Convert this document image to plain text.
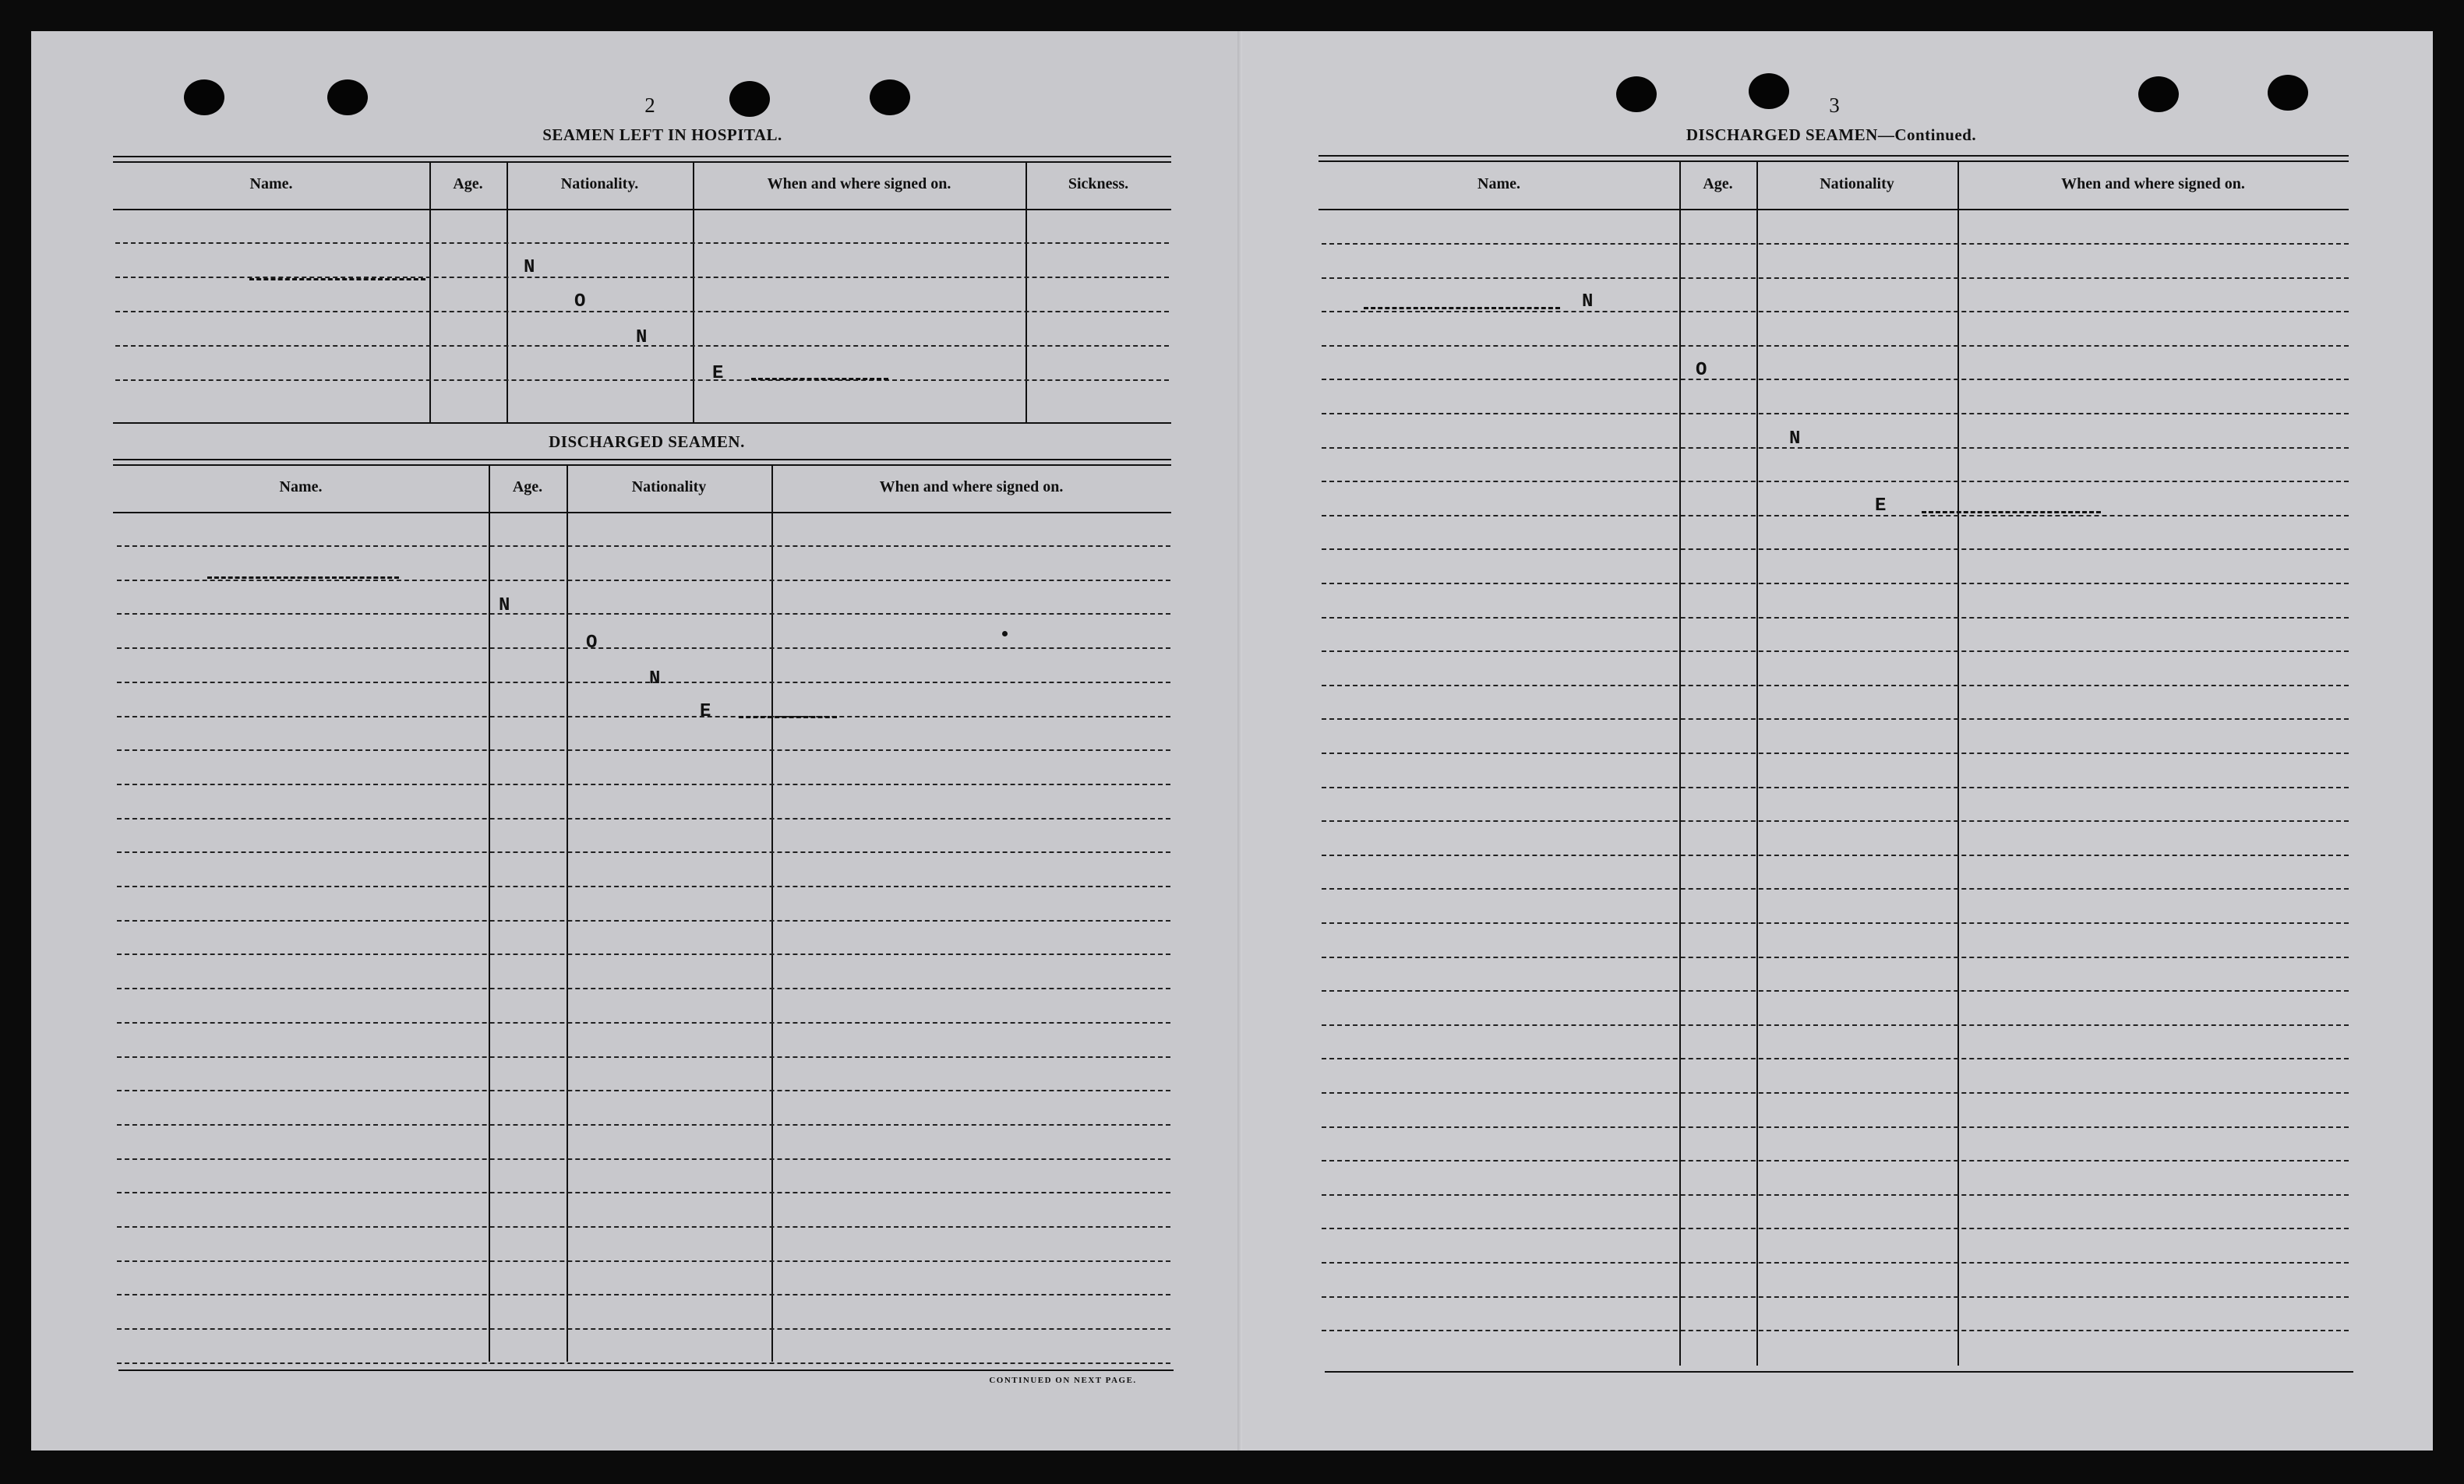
2
SEAMEN LEFT IN HOSPITAL.
Name.	Age.	Nationality.	When and where signed on.	Sickness.
N
O
N
E
DISCHARGED SEAMEN.
Name.	Age.	Nationality	When and where signed on.
N
O
N
E
CONTINUED ON NEXT PAGE.
3
DISCHARGED SEAMEN—Continued.
Name.	Age.	Nationality	When and where signed on.
N
O
N
E
